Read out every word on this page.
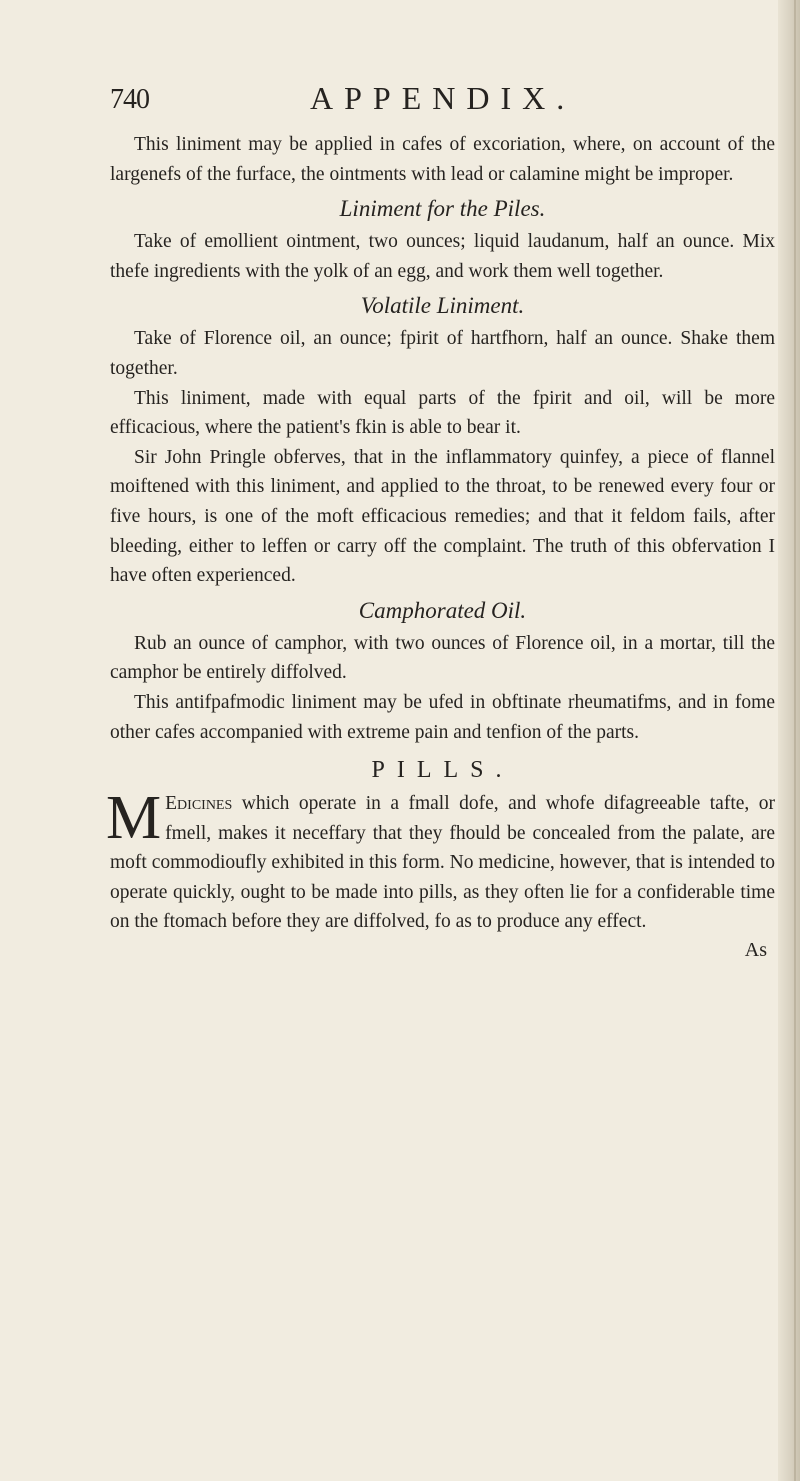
740	APPENDIX.

This liniment may be applied in cafes of excoriation, where, on account of the largenefs of the furface, the ointments with lead or calamine might be improper.

Liniment for the Piles.

Take of emollient ointment, two ounces; liquid laudanum, half an ounce. Mix thefe ingredients with the yolk of an egg, and work them well together.

Volatile Liniment.

Take of Florence oil, an ounce; fpirit of hartfhorn, half an ounce. Shake them together.

This liniment, made with equal parts of the fpirit and oil, will be more efficacious, where the patient's fkin is able to bear it.

Sir John Pringle obferves, that in the inflammatory quinfey, a piece of flannel moiftened with this liniment, and applied to the throat, to be renewed every four or five hours, is one of the moft efficacious remedies; and that it feldom fails, after bleeding, either to leffen or carry off the complaint. The truth of this obfervation I have often experienced.

Camphorated Oil.

Rub an ounce of camphor, with two ounces of Florence oil, in a mortar, till the camphor be entirely diffolved.

This antifpafmodic liniment may be ufed in obftinate rheumatifms, and in fome other cafes accompanied with extreme pain and tenfion of the parts.

PILLS.

M Edicines which operate in a fmall dofe, and whofe difagreeable tafte, or fmell, makes it neceffary that they fhould be concealed from the palate, are moft commodioufly exhibited in this form. No medicine, however, that is intended to operate quickly, ought to be made into pills, as they often lie for a confiderable time on the ftomach before they are diffolved, fo as to produce any effect.

As
